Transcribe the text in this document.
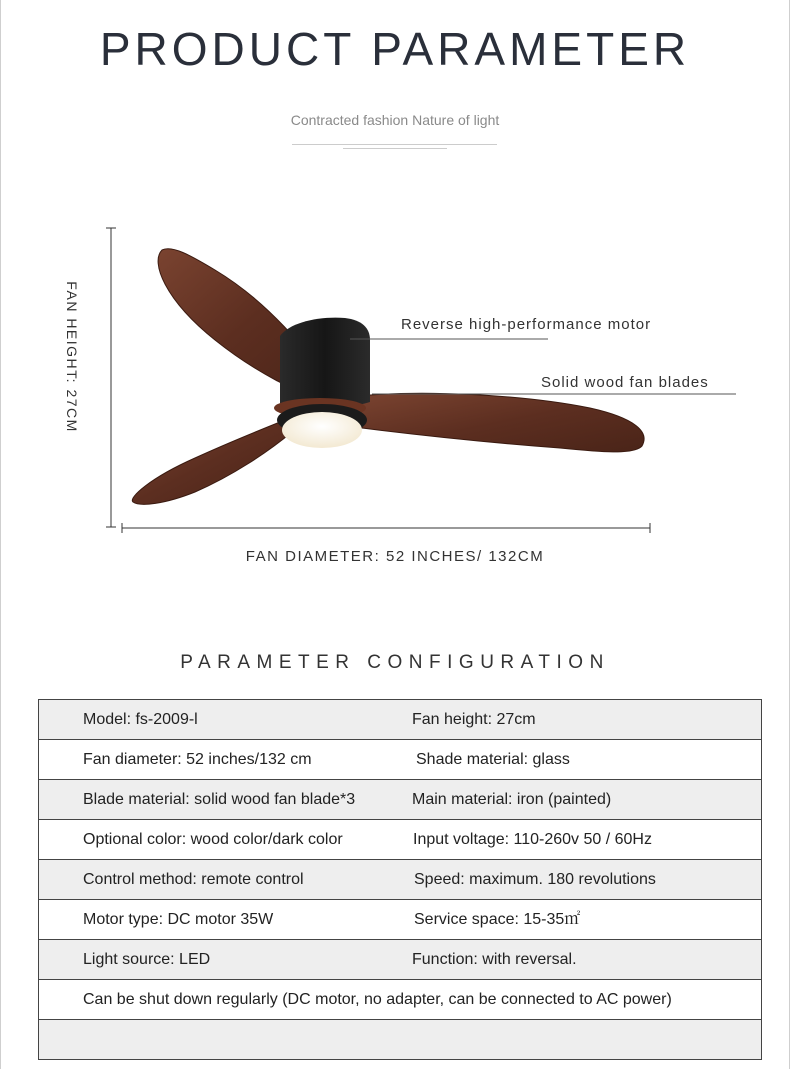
PRODUCT PARAMETER
Contracted fashion Nature of light
FAN HEIGHT: 27CM	Reverse high-performance motor
Solid wood fan blades
FAN DIAMETER: 52 INCHES/ 132CM
PARAMETER CONFIGURATION
Model: fs-2009-l	Fan height: 27cm
Fan diameter: 52 inches/132 cm	Shade material: glass
Blade material: solid wood fan blade*3	Main material: iron (painted)
Optional color: wood color/dark color	Input voltage: 110-260v 50 / 60Hz
Control method: remote control	Speed: maximum. 180 revolutions
Motor type: DC motor 35W	Service space: 15-35㎡
Light source: LED	Function: with reversal.
Can be shut down regularly (DC motor, no adapter, can be connected to AC power)
